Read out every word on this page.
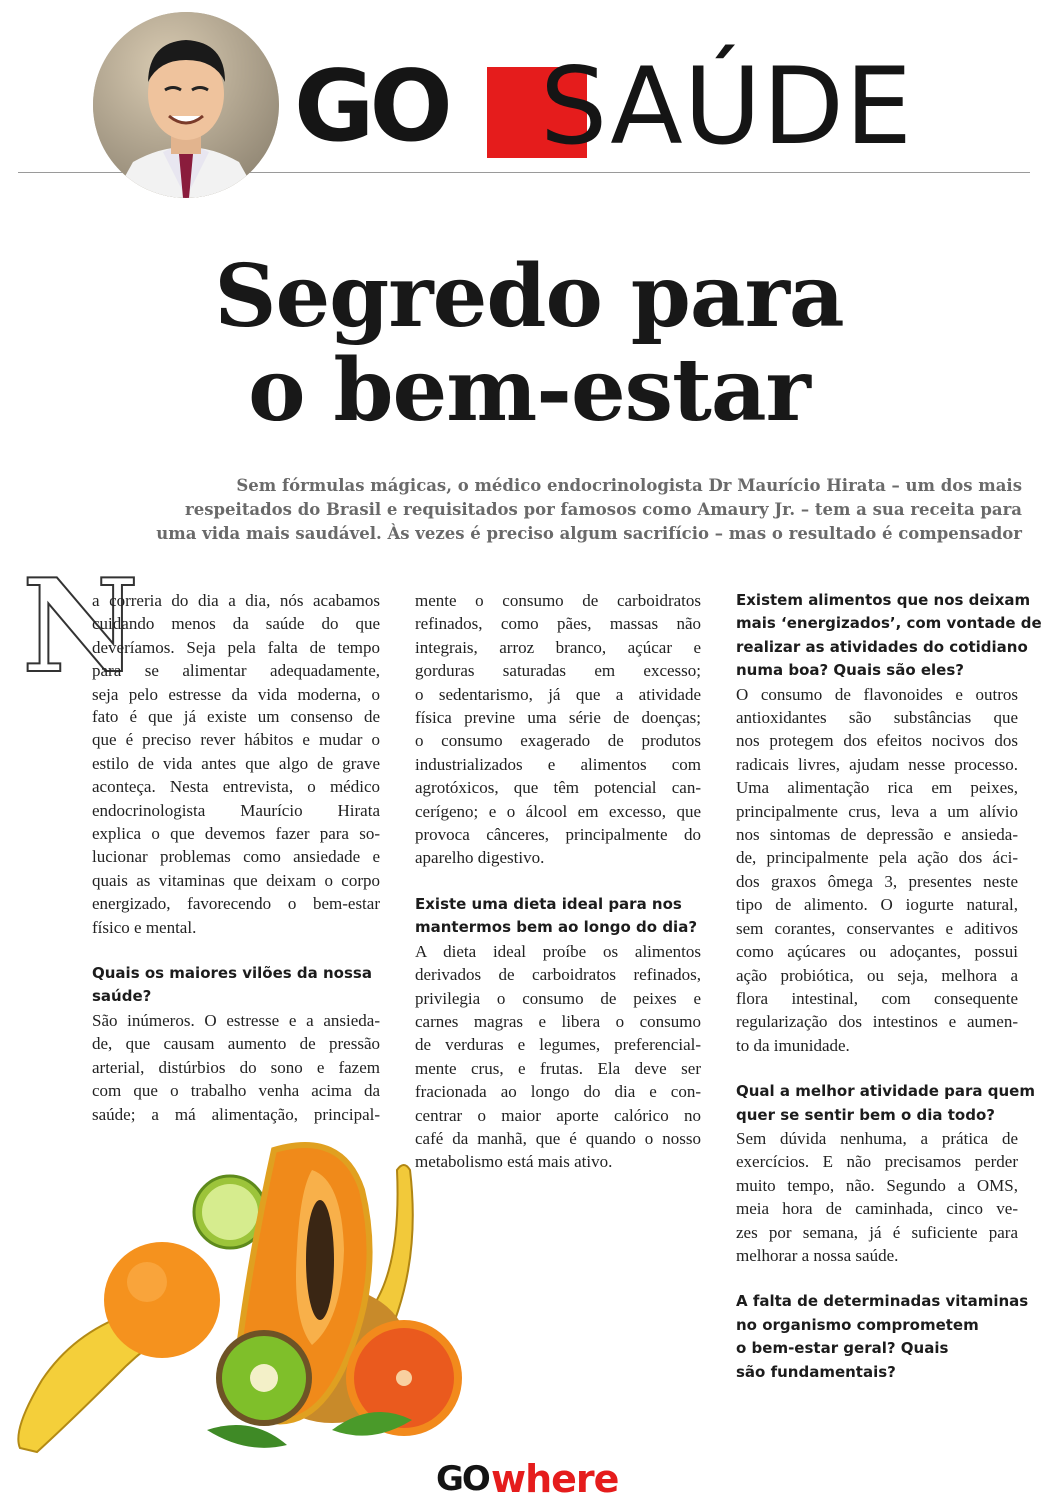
GO SAÚDE
Segredo para
o bem-estar
Sem fórmulas mágicas, o médico endocrinologista Dr Maurício Hirata – um dos mais
respeitados do Brasil e requisitados por famosos como Amaury Jr. – tem a sua receita para
uma vida mais saudável. Às vezes é preciso algum sacrifício – mas o resultado é compensador
N
a correria do dia a dia, nós acabamos
cuidando menos da saúde do que
deveríamos. Seja pela falta de tempo
para se alimentar adequadamente,
seja pelo estresse da vida moderna, o
fato é que já existe um consenso de
que é preciso rever hábitos e mudar o
estilo de vida antes que algo de grave
aconteça. Nesta entrevista, o médico
endocrinologista Maurício Hirata
explica o que devemos fazer para so-
lucionar problemas como ansiedade e
quais as vitaminas que deixam o corpo
energizado, favorecendo o bem-estar
físico e mental.
Quais os maiores vilões da nossa
saúde?
São inúmeros. O estresse e a ansieda-
de, que causam aumento de pressão
arterial, distúrbios do sono e fazem
com que o trabalho venha acima da
saúde; a má alimentação, principal-
mente o consumo de carboidratos
refinados, como pães, massas não
integrais, arroz branco, açúcar e
gorduras saturadas em excesso;
o sedentarismo, já que a atividade
física previne uma série de doenças;
o consumo exagerado de produtos
industrializados e alimentos com
agrotóxicos, que têm potencial can-
cerígeno; e o álcool em excesso, que
provoca cânceres, principalmente do
aparelho digestivo.
Existe uma dieta ideal para nos
mantermos bem ao longo do dia?
A dieta ideal proíbe os alimentos
derivados de carboidratos refinados,
privilegia o consumo de peixes e
carnes magras e libera o consumo
de verduras e legumes, preferencial-
mente crus, e frutas. Ela deve ser
fracionada ao longo do dia e con-
centrar o maior aporte calórico no
café da manhã, que é quando o nosso
metabolismo está mais ativo.
Existem alimentos que nos deixam
mais ‘energizados’, com vontade de
realizar as atividades do cotidiano
numa boa? Quais são eles?
O consumo de flavonoides e outros
antioxidantes são substâncias que
nos protegem dos efeitos nocivos dos
radicais livres, ajudam nesse processo.
Uma alimentação rica em peixes,
principalmente crus, leva a um alívio
nos sintomas de depressão e ansieda-
de, principalmente pela ação dos áci-
dos graxos ômega 3, presentes neste
tipo de alimento. O iogurte natural,
sem corantes, conservantes e aditivos
como açúcares ou adoçantes, possui
ação probiótica, ou seja, melhora a
flora intestinal, com consequente
regularização dos intestinos e aumen-
to da imunidade.
Qual a melhor atividade para quem
quer se sentir bem o dia todo?
Sem dúvida nenhuma, a prática de
exercícios. E não precisamos perder
muito tempo, não. Segundo a OMS,
meia hora de caminhada, cinco ve-
zes por semana, já é suficiente para
melhorar a nossa saúde.
A falta de determinadas vitaminas
no organismo comprometem
o bem-estar geral? Quais
são fundamentais?
GO where
